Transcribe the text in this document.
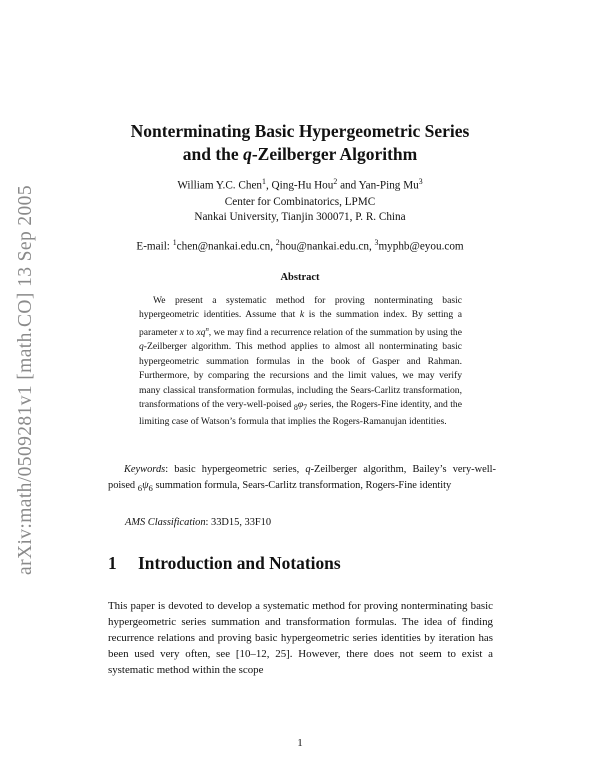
arXiv:math/0509281v1 [math.CO] 13 Sep 2005
Nonterminating Basic Hypergeometric Series
and the q-Zeilberger Algorithm
William Y.C. Chen$^1$, Qing-Hu Hou$^2$ and Yan-Ping Mu$^3$
Center for Combinatorics, LPMC
Nankai University, Tianjin 300071, P. R. China
E-mail: $^1$chen@nankai.edu.cn, $^2$hou@nankai.edu.cn, $^3$myphb@eyou.com
Abstract
We present a systematic method for proving nonterminating basic hypergeometric identities. Assume that k is the summation index. By setting a parameter x to $xq^n$, we may find a recurrence relation of the summation by using the q-Zeilberger algorithm. This method applies to almost all nonterminating basic hypergeometric summation formulas in the book of Gasper and Rahman. Furthermore, by comparing the recursions and the limit values, we may verify many classical transformation formulas, including the Sears-Carlitz transformation, transformations of the very-well-poised $_8\varphi_7$ series, the Rogers-Fine identity, and the limiting case of Watson’s formula that implies the Rogers-Ramanujan identities.
Keywords: basic hypergeometric series, q-Zeilberger algorithm, Bailey’s very-well-poised $_6\psi_6$ summation formula, Sears-Carlitz transformation, Rogers-Fine identity
AMS Classification: 33D15, 33F10
1 Introduction and Notations
This paper is devoted to develop a systematic method for proving nonterminating basic hypergeometric series summation and transformation formulas. The idea of finding recurrence relations and proving basic hypergeometric series identities by iteration has been used very often, see [10–12, 25]. However, there does not seem to exist a systematic method within the scope
1
